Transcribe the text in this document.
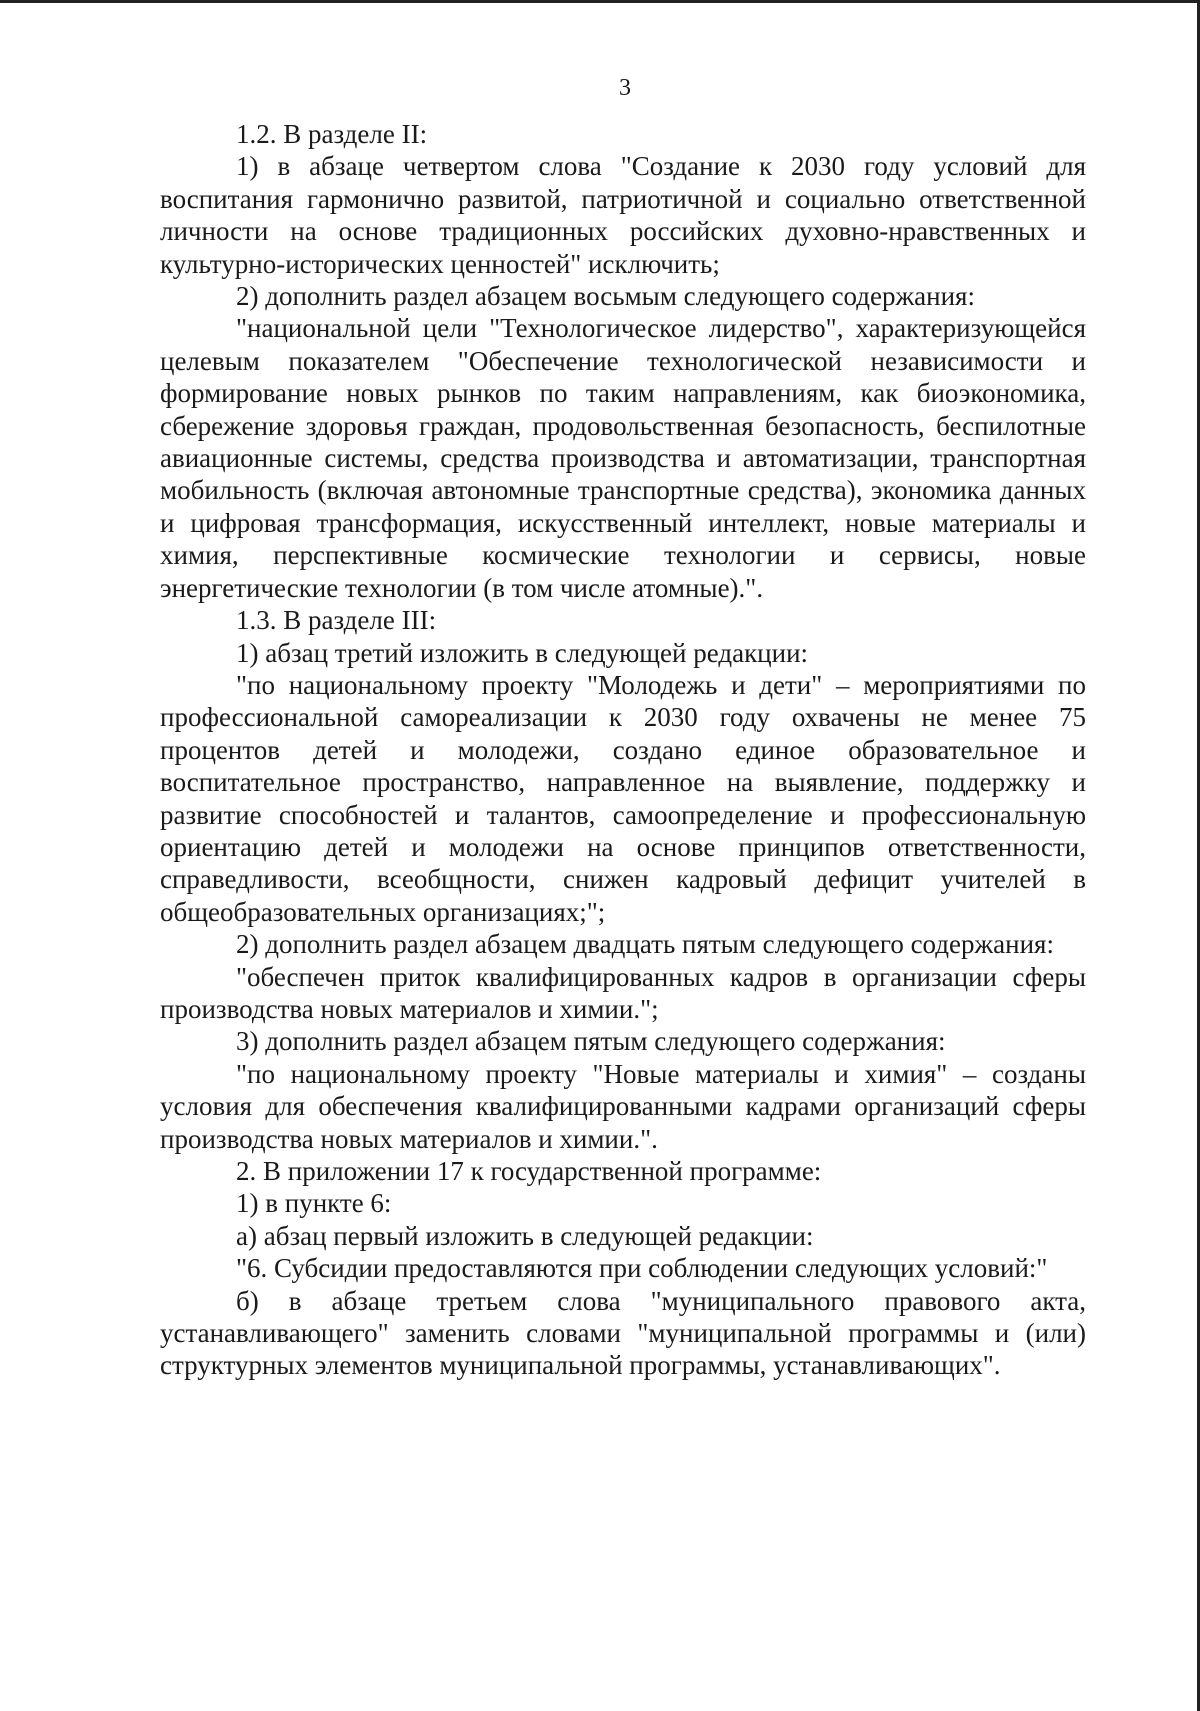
3

1.2. В разделе II:

1) в абзаце четвертом слова "Создание к 2030 году условий для воспитания гармонично развитой, патриотичной и социально ответственной личности на основе традиционных российских духовно-нравственных и культурно-исторических ценностей" исключить;

2) дополнить раздел абзацем восьмым следующего содержания:

"национальной цели "Технологическое лидерство", характеризующейся целевым показателем "Обеспечение технологической независимости и формирование новых рынков по таким направлениям, как биоэкономика, сбережение здоровья граждан, продовольственная безопасность, беспилотные авиационные системы, средства производства и автоматизации, транспортная мобильность (включая автономные транспортные средства), экономика данных и цифровая трансформация, искусственный интеллект, новые материалы и химия, перспективные космические технологии и сервисы, новые энергетические технологии (в том числе атомные).".

1.3. В разделе III:

1) абзац третий изложить в следующей редакции:

"по национальному проекту "Молодежь и дети" – мероприятиями по профессиональной самореализации к 2030 году охвачены не менее 75 процентов детей и молодежи, создано единое образовательное и воспитательное пространство, направленное на выявление, поддержку и развитие способностей и талантов, самоопределение и профессиональную ориентацию детей и молодежи на основе принципов ответственности, справедливости, всеобщности, снижен кадровый дефицит учителей в общеобразовательных организациях;";

2) дополнить раздел абзацем двадцать пятым следующего содержания:

"обеспечен приток квалифицированных кадров в организации сферы производства новых материалов и химии.";

3) дополнить раздел абзацем пятым следующего содержания:

"по национальному проекту "Новые материалы и химия" – созданы условия для обеспечения квалифицированными кадрами организаций сферы производства новых материалов и химии.".

2. В приложении 17 к государственной программе:

1) в пункте 6:

а) абзац первый изложить в следующей редакции:

"6. Субсидии предоставляются при соблюдении следующих условий:"

б) в абзаце третьем слова "муниципального правового акта, устанавливающего" заменить словами "муниципальной программы и (или) структурных элементов муниципальной программы, устанавливающих".
